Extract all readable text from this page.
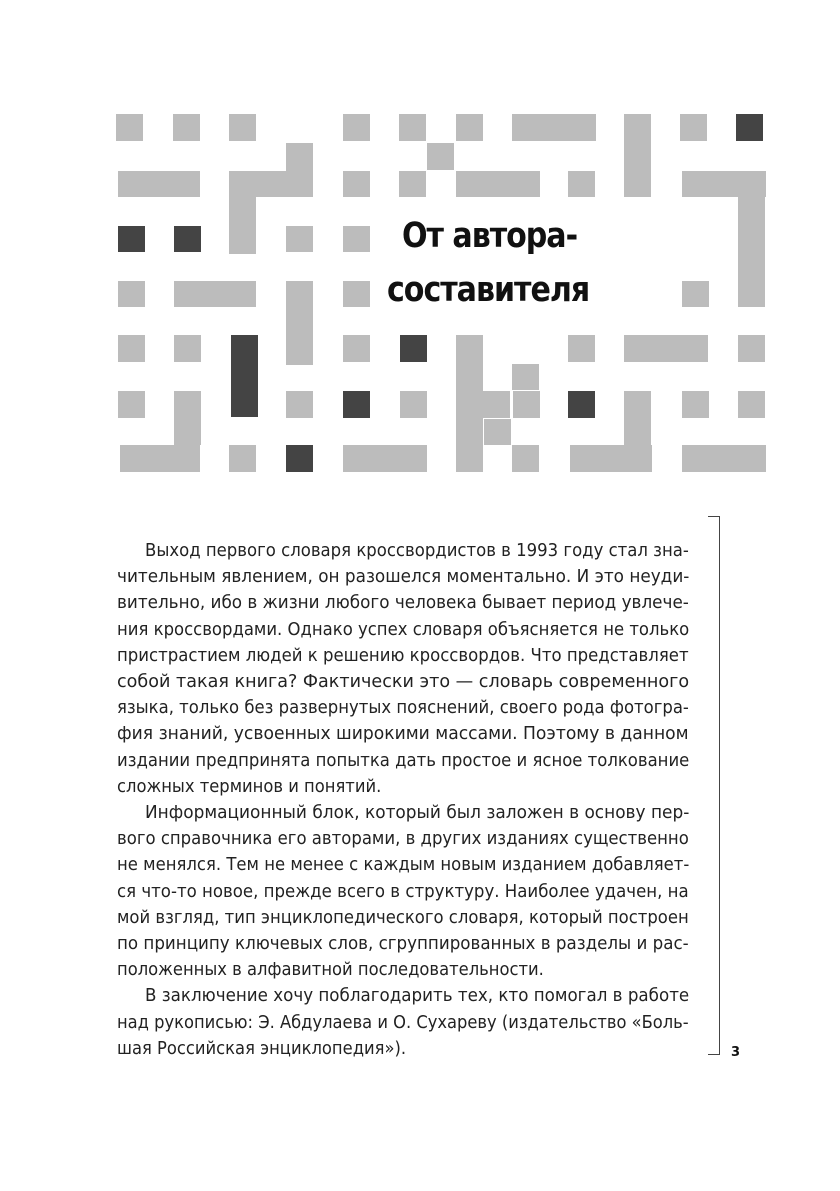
От автора-
составителя
Выход первого словаря кроссвордистов в 1993 году стал зна-
чительным явлением, он разошелся моментально. И это неуди-
вительно, ибо в жизни любого человека бывает период увлече-
ния кроссвордами. Однако успех словаря объясняется не только
пристрастием людей к решению кроссвордов. Что представляет
собой такая книга? Фактически это — словарь современного
языка, только без развернутых пояснений, своего рода фотогра-
фия знаний, усвоенных широкими массами. Поэтому в данном
издании предпринята попытка дать простое и ясное толкование
сложных терминов и понятий.
Информационный блок, который был заложен в основу пер-
вого справочника его авторами, в других изданиях существенно
не менялся. Тем не менее с каждым новым изданием добавляет-
ся что-то новое, прежде всего в структуру. Наиболее удачен, на
мой взгляд, тип энциклопедического словаря, который построен
по принципу ключевых слов, сгруппированных в разделы и рас-
положенных в алфавитной последовательности.
В заключение хочу поблагодарить тех, кто помогал в работе
над рукописью: Э. Абдулаева и О. Сухареву (издательство «Боль-
шая Российская энциклопедия»).	3
